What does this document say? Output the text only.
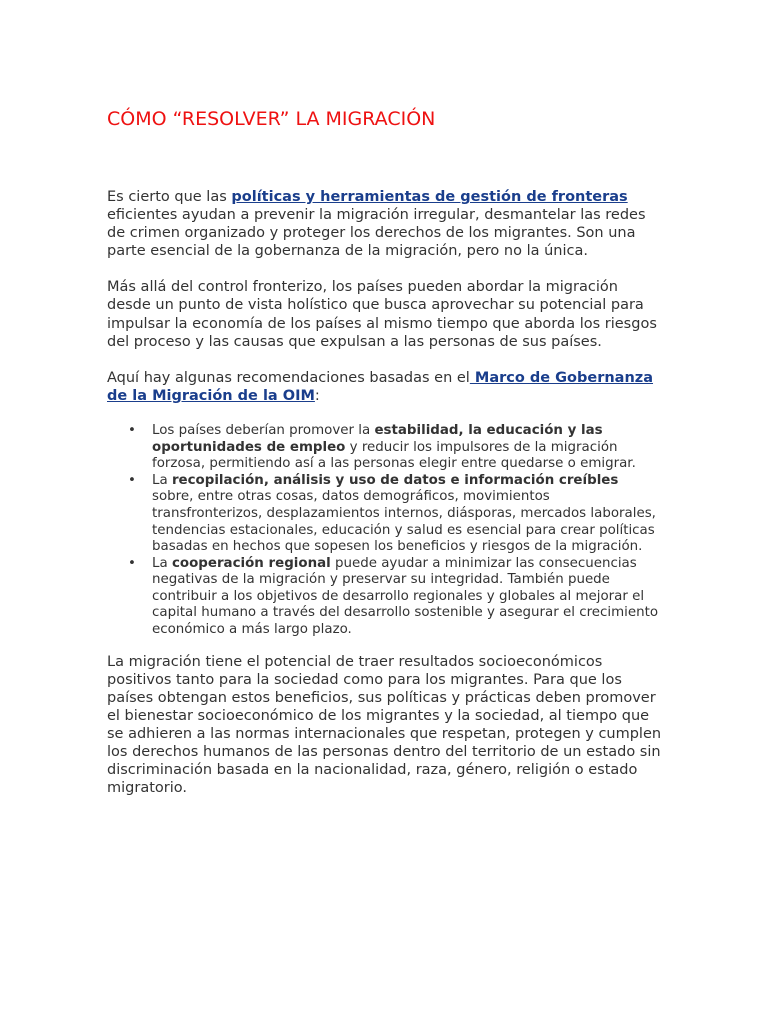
CÓMO “RESOLVER” LA MIGRACIÓN

Es cierto que las políticas y herramientas de gestión de fronteras eficientes ayudan a prevenir la migración irregular, desmantelar las redes de crimen organizado y proteger los derechos de los migrantes. Son una parte esencial de la gobernanza de la migración, pero no la única.

Más allá del control fronterizo, los países pueden abordar la migración desde un punto de vista holístico que busca aprovechar su potencial para impulsar la economía de los países al mismo tiempo que aborda los riesgos del proceso y las causas que expulsan a las personas de sus países.

Aquí hay algunas recomendaciones basadas en el Marco de Gobernanza de la Migración de la OIM:

• Los países deberían promover la estabilidad, la educación y las oportunidades de empleo y reducir los impulsores de la migración forzosa, permitiendo así a las personas elegir entre quedarse o emigrar.
• La recopilación, análisis y uso de datos e información creíbles sobre, entre otras cosas, datos demográficos, movimientos transfronterizos, desplazamientos internos, diásporas, mercados laborales, tendencias estacionales, educación y salud es esencial para crear políticas basadas en hechos que sopesen los beneficios y riesgos de la migración.
• La cooperación regional puede ayudar a minimizar las consecuencias negativas de la migración y preservar su integridad. También puede contribuir a los objetivos de desarrollo regionales y globales al mejorar el capital humano a través del desarrollo sostenible y asegurar el crecimiento económico a más largo plazo.

La migración tiene el potencial de traer resultados socioeconómicos positivos tanto para la sociedad como para los migrantes. Para que los países obtengan estos beneficios, sus políticas y prácticas deben promover el bienestar socioeconómico de los migrantes y la sociedad, al tiempo que se adhieren a las normas internacionales que respetan, protegen y cumplen los derechos humanos de las personas dentro del territorio de un estado sin discriminación basada en la nacionalidad, raza, género, religión o estado migratorio.
